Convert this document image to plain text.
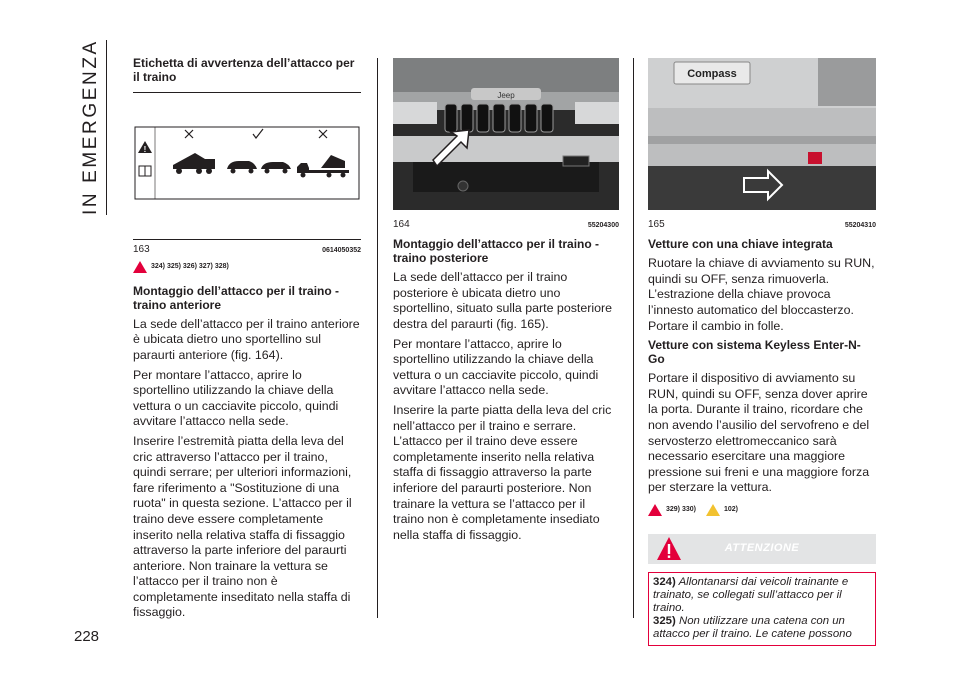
IN EMERGENZA
228
Etichetta di avvertenza dell’attacco per il traino
!
163	0614050352
324) 325) 326) 327) 328)
Montaggio dell’attacco per il traino - traino anteriore
La sede dell’attacco per il traino anteriore è ubicata dietro uno sportellino sul paraurti anteriore (fig. 164).
Per montare l’attacco, aprire lo sportellino utilizzando la chiave della vettura o un cacciavite piccolo, quindi avvitare l’attacco nella sede.
Inserire l’estremità piatta della leva del cric attraverso l’attacco per il traino, quindi serrare; per ulteriori informazioni, fare riferimento a "Sostituzione di una ruota" in questa sezione. L’attacco per il traino deve essere completamente inserito nella relativa staffa di fissaggio attraverso la parte inferiore del paraurti anteriore. Non trainare la vettura se l’attacco per il traino non è completamente inseditato nella staffa di fissaggio.
Jeep
164	55204300
Montaggio dell’attacco per il traino - traino posteriore
La sede dell’attacco per il traino posteriore è ubicata dietro uno sportellino, situato sulla parte posteriore destra del paraurti (fig. 165).
Per montare l’attacco, aprire lo sportellino utilizzando la chiave della vettura o un cacciavite piccolo, quindi avvitare l’attacco nella sede.
Inserire la parte piatta della leva del cric nell’attacco per il traino e serrare. L’attacco per il traino deve essere completamente inserito nella relativa staffa di fissaggio attraverso la parte inferiore del paraurti posteriore. Non trainare la vettura se l’attacco per il traino non è completamente insediato nella staffa di fissaggio.
Compass
165	55204310
Vetture con una chiave integrata
Ruotare la chiave di avviamento su RUN, quindi su OFF, senza rimuoverla. L’estrazione della chiave provoca l’innesto automatico del bloccasterzo. Portare il cambio in folle.
Vetture con sistema Keyless Enter-N-Go
Portare il dispositivo di avviamento su RUN, quindi su OFF, senza dover aprire la porta. Durante il traino, ricordare che non avendo l’ausilio del servofreno e del servosterzo elettromeccanico sarà necessario esercitare una maggiore pressione sui freni e una maggiore forza per sterzare la vettura.
329) 330)	102)
ATTENZIONE
324) Allontanarsi dai veicoli trainante e trainato, se collegati sull’attacco per il traino.
325) Non utilizzare una catena con un attacco per il traino. Le catene possono
